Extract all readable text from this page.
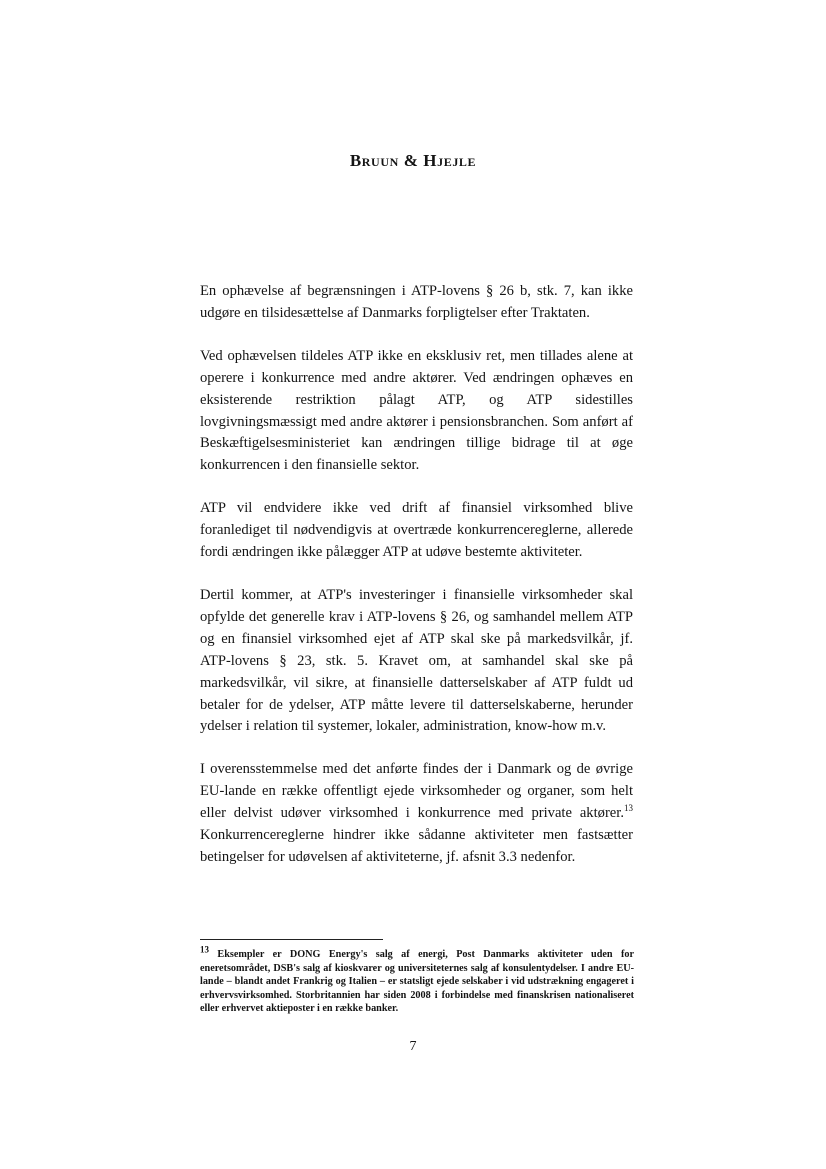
Bruun & Hjejle

En ophævelse af begrænsningen i ATP-lovens § 26 b, stk. 7, kan ikke udgøre en tilsidesættelse af Danmarks forpligtelser efter Traktaten.

Ved ophævelsen tildeles ATP ikke en eksklusiv ret, men tillades alene at operere i konkurrence med andre aktører. Ved ændringen ophæves en eksisterende restriktion pålagt ATP, og ATP sidestilles lovgivningsmæssigt med andre aktører i pensionsbranchen. Som anført af Beskæftigelsesministeriet kan ændringen tillige bidrage til at øge konkurrencen i den finansielle sektor.

ATP vil endvidere ikke ved drift af finansiel virksomhed blive foranlediget til nødvendigvis at overtræde konkurrencereglerne, allerede fordi ændringen ikke pålægger ATP at udøve bestemte aktiviteter.

Dertil kommer, at ATP's investeringer i finansielle virksomheder skal opfylde det generelle krav i ATP-lovens § 26, og samhandel mellem ATP og en finansiel virksomhed ejet af ATP skal ske på markedsvilkår, jf. ATP-lovens § 23, stk. 5. Kravet om, at samhandel skal ske på markedsvilkår, vil sikre, at finansielle datterselskaber af ATP fuldt ud betaler for de ydelser, ATP måtte levere til datterselskaberne, herunder ydelser i relation til systemer, lokaler, administration, know-how m.v.

I overensstemmelse med det anførte findes der i Danmark og de øvrige EU-lande en række offentligt ejede virksomheder og organer, som helt eller delvist udøver virksomhed i konkurrence med private aktører.$^{13}$ Konkurrencereglerne hindrer ikke sådanne aktiviteter men fastsætter betingelser for udøvelsen af aktiviteterne, jf. afsnit 3.3 nedenfor.

13 Eksempler er DONG Energy's salg af energi, Post Danmarks aktiviteter uden for eneretsområdet, DSB's salg af kioskvarer og universiteternes salg af konsulentydelser. I andre EU-lande – blandt andet Frankrig og Italien – er statsligt ejede selskaber i vid udstrækning engageret i erhvervsvirksomhed. Storbritannien har siden 2008 i forbindelse med finanskrisen nationaliseret eller erhvervet aktieposter i en række banker.
7
